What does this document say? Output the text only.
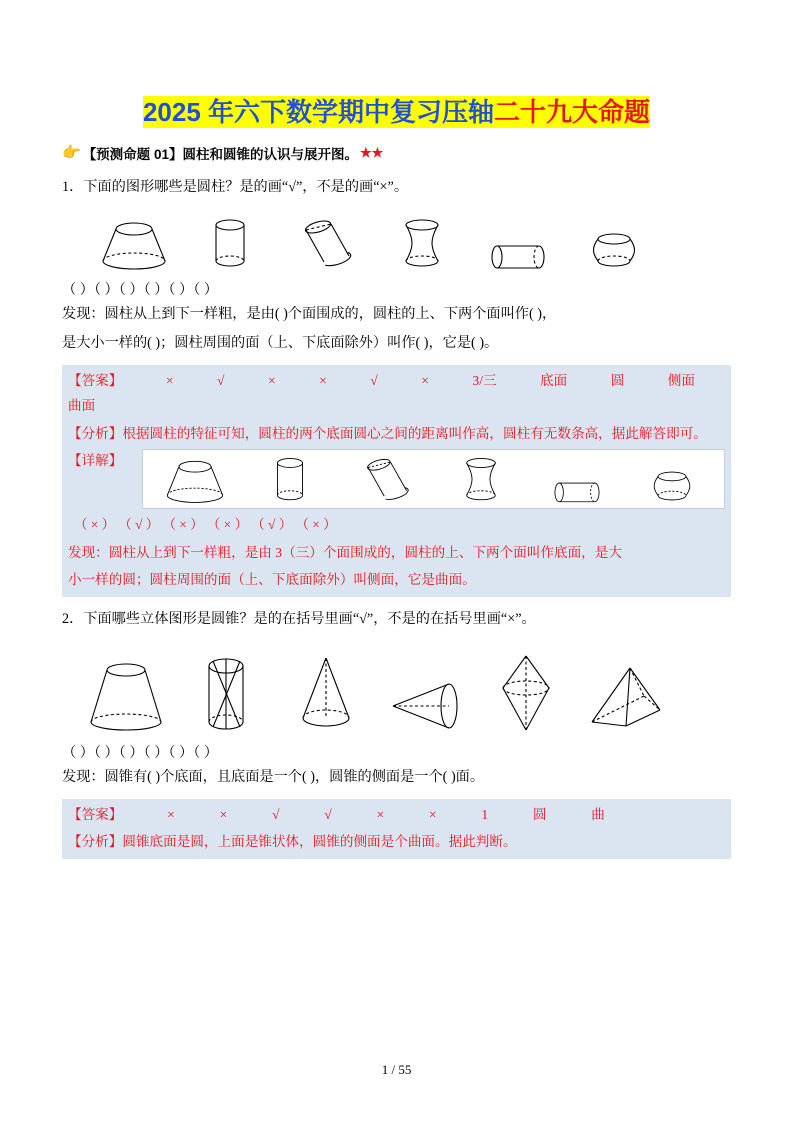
2025 年六下数学期中复习压轴二十九大命题
👉 【预测命题 01】圆柱和圆锥的认识与展开图。 ★★
1．下面的图形哪些是圆柱？是的画“√”，不是的画“×”。
（ ）（ ）（ ）（ ）（ ）（ ）
发现：圆柱从上到下一样粗，是由( )个面围成的，圆柱的上、下两个面叫作( )，
是大小一样的( )；圆柱周围的面（上、下底面除外）叫作( )，它是( )。
【答案】	×	√	×	×	√	×	3/三	底面	圆	侧面
曲面
【分析】根据圆柱的特征可知，圆柱的两个底面圆心之间的距离叫作高，圆柱有无数条高，据此解答即可。
【详解】
（ × ） （ √ ） （ × ） （ × ） （ √ ） （ × ）
发现：圆柱从上到下一样粗，是由 3（三）个面围成的，圆柱的上、下两个面叫作底面，是大
小一样的圆；圆柱周围的面（上、下底面除外）叫侧面，它是曲面。
2．下面哪些立体图形是圆锥？是的在括号里画“√”，不是的在括号里画“×”。
（ ）（ ）（ ）（ ）（ ）（ ）
发现：圆锥有( )个底面，且底面是一个( )，圆锥的侧面是一个( )面。
【答案】	×	×	√	√	×	×	1	圆	曲
【分析】圆锥底面是圆，上面是锥状体，圆锥的侧面是个曲面。据此判断。
1 / 55
